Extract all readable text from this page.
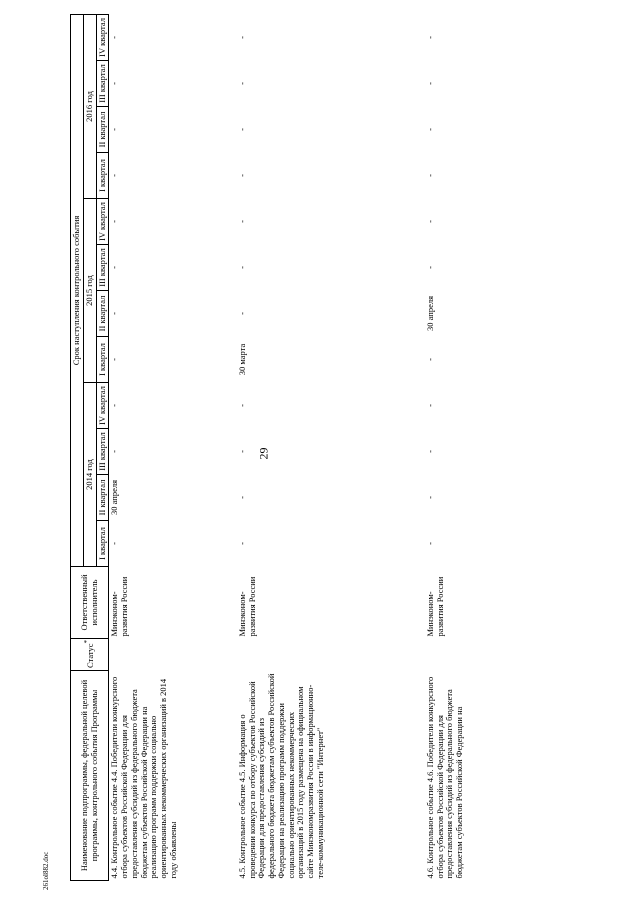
29
261ol882.doc	Наименование подпрограммы, федеральной целевой программы, контрольного события Программы	Статус*	Ответственный исполнитель	Срок наступления контрольного события											
			2014 год				2015 год				2016 год			
			I квартал	II квартал	III квартал	IV квартал	I квартал	II квартал	III квартал	IV квартал	I квартал	II квартал	III квартал	IV квартал
4.4. Контрольное событие 4.4. Победители конкурсного отбора субъектов Российской Федерации для предоставления субсидий из федерального бюджета бюджетам субъектов Российской Федерации на реализацию программ поддержки социально ориентированных некоммерческих организаций в 2014 году объявлены		Минэконом-развития России	-	30 апреля	-	-	-	-	-	-	-	-	-	-
4.5. Контрольное событие 4.5. Информация о проведении конкурса по отбору субъектов Российской Федерации для предоставления субсидий из федерального бюджета бюджетам субъектов Российской Федерации на реализацию программ поддержки социально ориентированных некоммерческих организаций в 2015 году размещена на официальном сайте Минэкономразвития России в информационно-теле-коммуникационной сети "Интернет"		Минэконом-развития России	-	-	-	-	30 марта	-	-	-	-	-	-	-
4.6. Контрольное событие 4.6. Победители конкурсного отбора субъектов Российской Федерации для предоставления субсидий из федерального бюджета бюджетам субъектов Российской Федерации на		Минэконом-развития России	-	-	-	-	-	30 апреля	-	-	-	-	-	-
